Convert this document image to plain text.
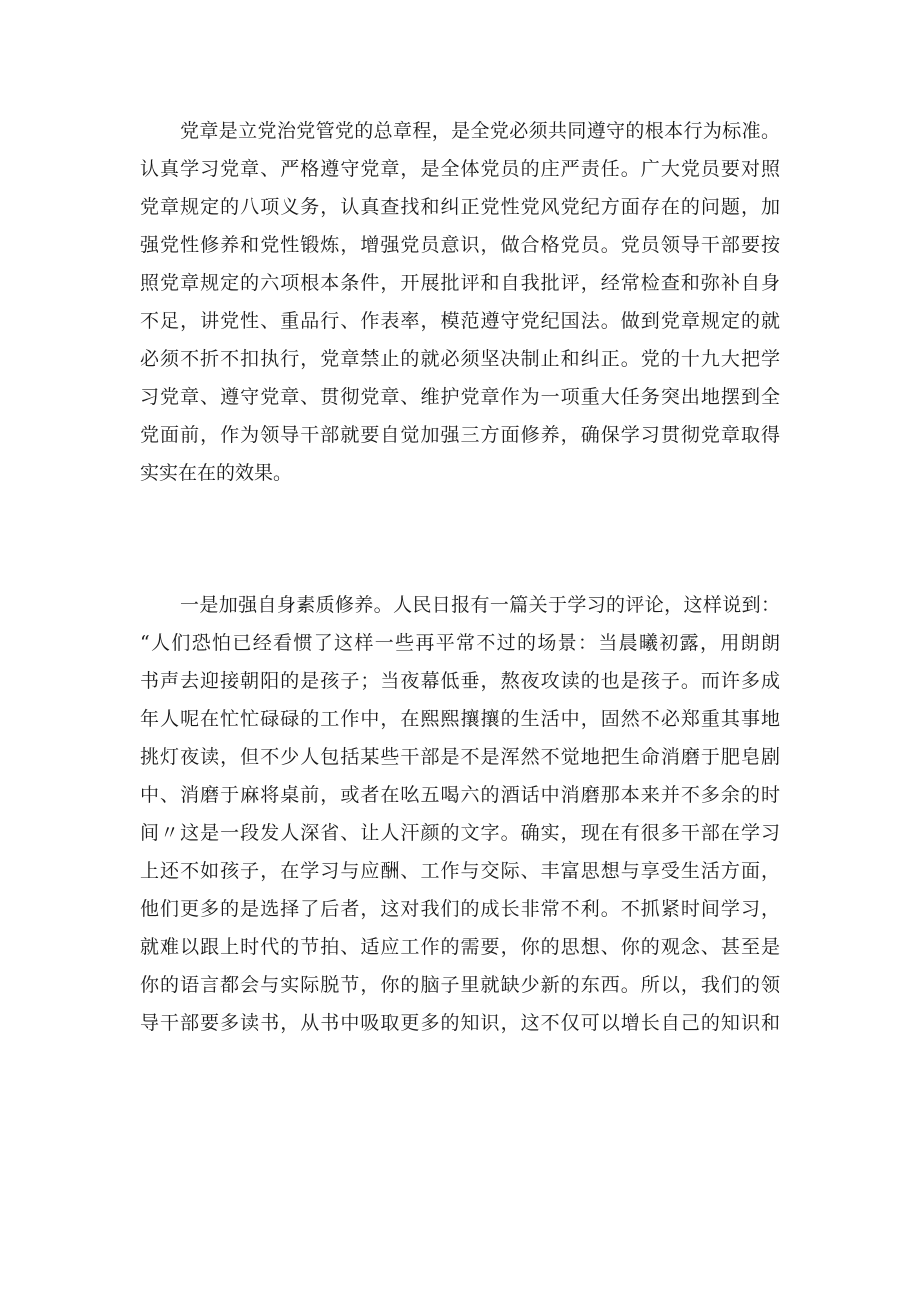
党章是立党治党管党的总章程，是全党必须共同遵守的根本行为标准。
认真学习党章、严格遵守党章，是全体党员的庄严责任。广大党员要对照
党章规定的八项义务，认真查找和纠正党性党风党纪方面存在的问题，加
强党性修养和党性锻炼，增强党员意识，做合格党员。党员领导干部要按
照党章规定的六项根本条件，开展批评和自我批评，经常检查和弥补自身
不足，讲党性、重品行、作表率，模范遵守党纪国法。做到党章规定的就
必须不折不扣执行，党章禁止的就必须坚决制止和纠正。党的十九大把学
习党章、遵守党章、贯彻党章、维护党章作为一项重大任务突出地摆到全
党面前，作为领导干部就要自觉加强三方面修养，确保学习贯彻党章取得
实实在在的效果。
一是加强自身素质修养。人民日报有一篇关于学习的评论，这样说到：
“人们恐怕已经看惯了这样一些再平常不过的场景：当晨曦初露，用朗朗
书声去迎接朝阳的是孩子；当夜幕低垂，熬夜攻读的也是孩子。而许多成
年人呢在忙忙碌碌的工作中，在熙熙攘攘的生活中，固然不必郑重其事地
挑灯夜读，但不少人包括某些干部是不是浑然不觉地把生命消磨于肥皂剧
中、消磨于麻将桌前，或者在吆五喝六的酒话中消磨那本来并不多余的时
间〃这是一段发人深省、让人汗颜的文字。确实，现在有很多干部在学习
上还不如孩子，在学习与应酬、工作与交际、丰富思想与享受生活方面，
他们更多的是选择了后者，这对我们的成长非常不利。不抓紧时间学习，
就难以跟上时代的节拍、适应工作的需要，你的思想、你的观念、甚至是
你的语言都会与实际脱节，你的脑子里就缺少新的东西。所以，我们的领
导干部要多读书，从书中吸取更多的知识，这不仅可以增长自己的知识和
